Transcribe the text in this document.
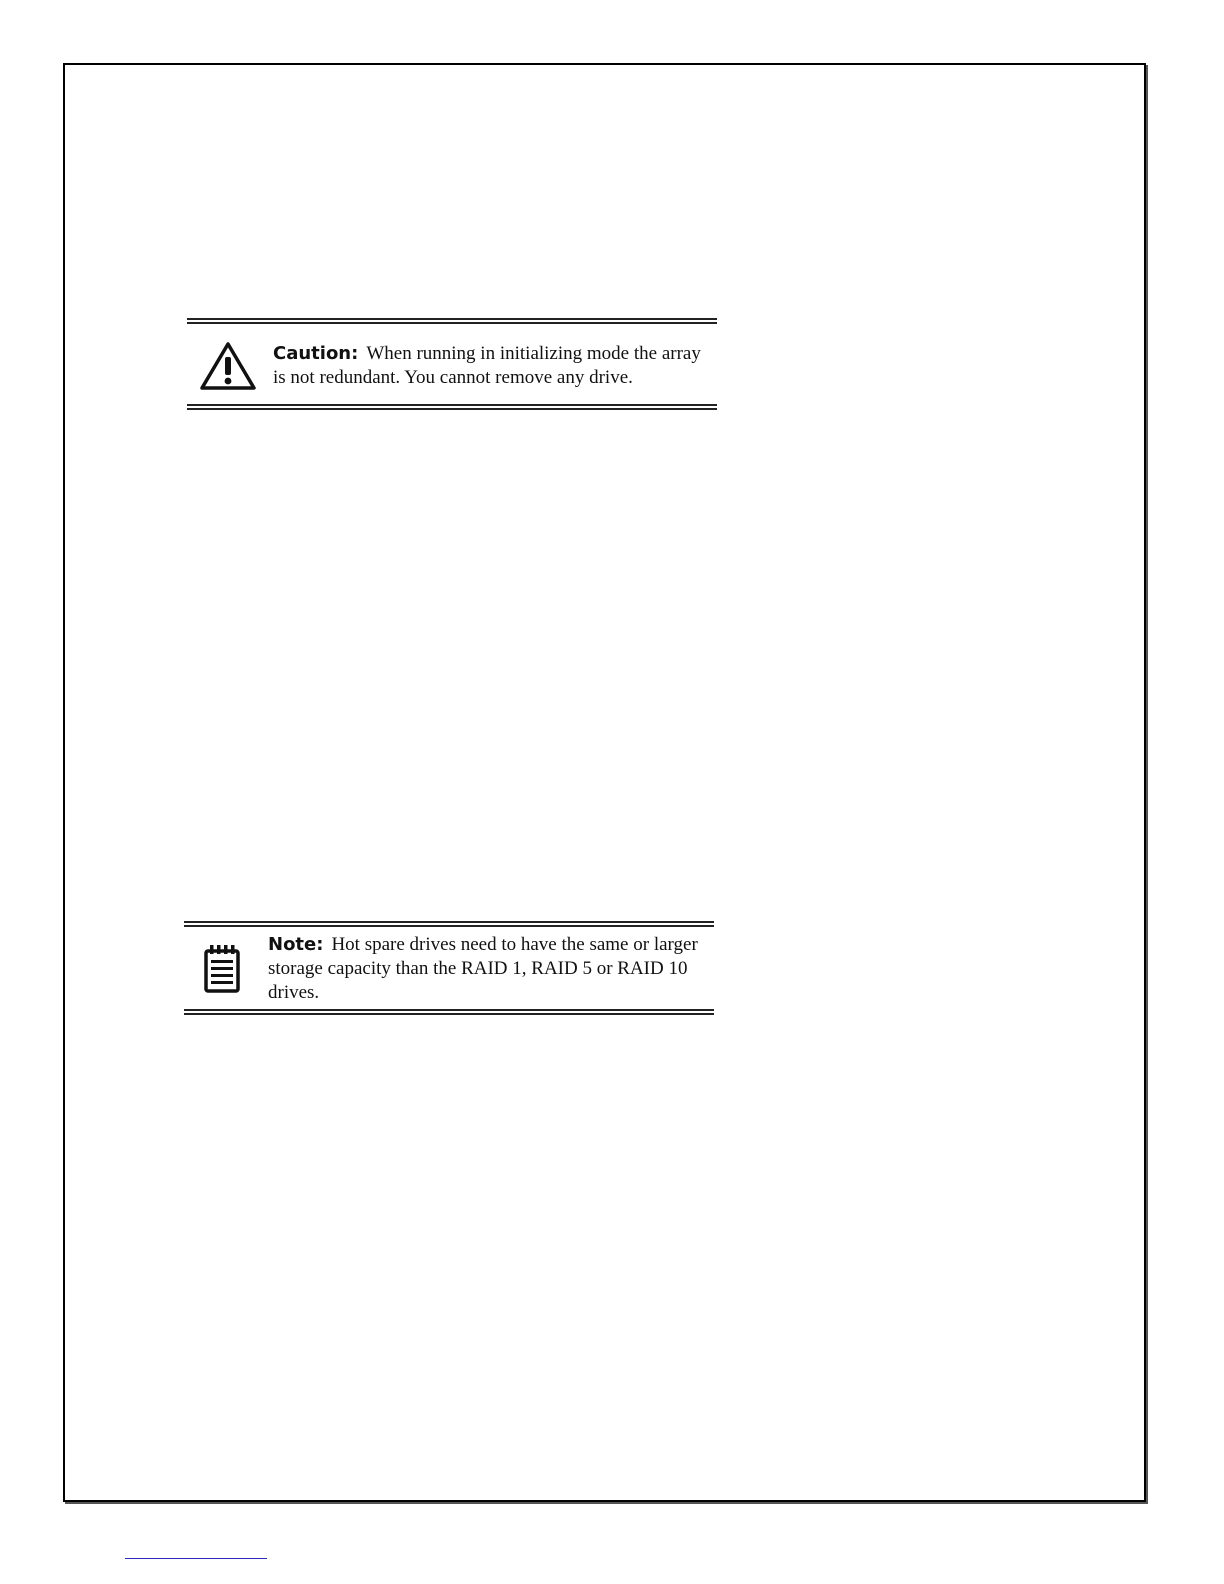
Caution: When running in initializing mode the array is not redundant. You cannot remove any drive.
Note: Hot spare drives need to have the same or larger storage capacity than the RAID 1, RAID 5 or RAID 10 drives.
